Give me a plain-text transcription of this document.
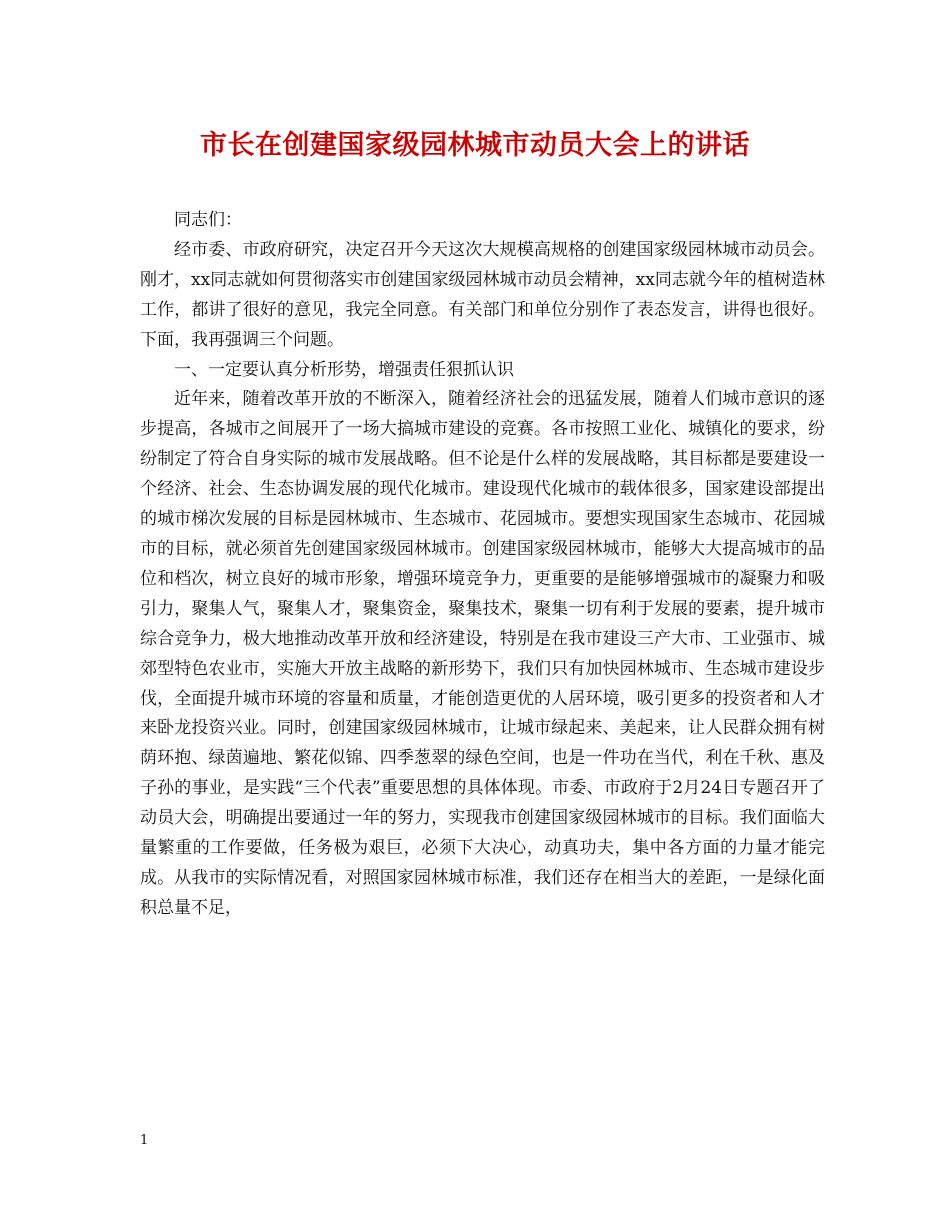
市长在创建国家级园林城市动员大会上的讲话

同志们：

经市委、市政府研究，决定召开今天这次大规模高规格的创建国家级园林城市动员会。刚才，xx同志就如何贯彻落实市创建国家级园林城市动员会精神，xx同志就今年的植树造林工作，都讲了很好的意见，我完全同意。有关部门和单位分别作了表态发言，讲得也很好。下面，我再强调三个问题。

一、一定要认真分析形势，增强责任狠抓认识

近年来，随着改革开放的不断深入，随着经济社会的迅猛发展，随着人们城市意识的逐步提高，各城市之间展开了一场大搞城市建设的竞赛。各市按照工业化、城镇化的要求，纷纷制定了符合自身实际的城市发展战略。但不论是什么样的发展战略，其目标都是要建设一个经济、社会、生态协调发展的现代化城市。建设现代化城市的载体很多，国家建设部提出的城市梯次发展的目标是园林城市、生态城市、花园城市。要想实现国家生态城市、花园城市的目标，就必须首先创建国家级园林城市。创建国家级园林城市，能够大大提高城市的品位和档次，树立良好的城市形象，增强环境竞争力，更重要的是能够增强城市的凝聚力和吸引力，聚集人气，聚集人才，聚集资金，聚集技术，聚集一切有利于发展的要素，提升城市综合竞争力，极大地推动改革开放和经济建设，特别是在我市建设三产大市、工业强市、城郊型特色农业市，实施大开放主战略的新形势下，我们只有加快园林城市、生态城市建设步伐，全面提升城市环境的容量和质量，才能创造更优的人居环境，吸引更多的投资者和人才来卧龙投资兴业。同时，创建国家级园林城市，让城市绿起来、美起来，让人民群众拥有树荫环抱、绿茵遍地、繁花似锦、四季葱翠的绿色空间，也是一件功在当代，利在千秋、惠及子孙的事业，是实践“三个代表”重要思想的具体体现。市委、市政府于2月24日专题召开了动员大会，明确提出要通过一年的努力，实现我市创建国家级园林城市的目标。我们面临大量繁重的工作要做，任务极为艰巨，必须下大决心，动真功夫，集中各方面的力量才能完成。从我市的实际情况看，对照国家园林城市标准，我们还存在相当大的差距，一是绿化面积总量不足，

1
